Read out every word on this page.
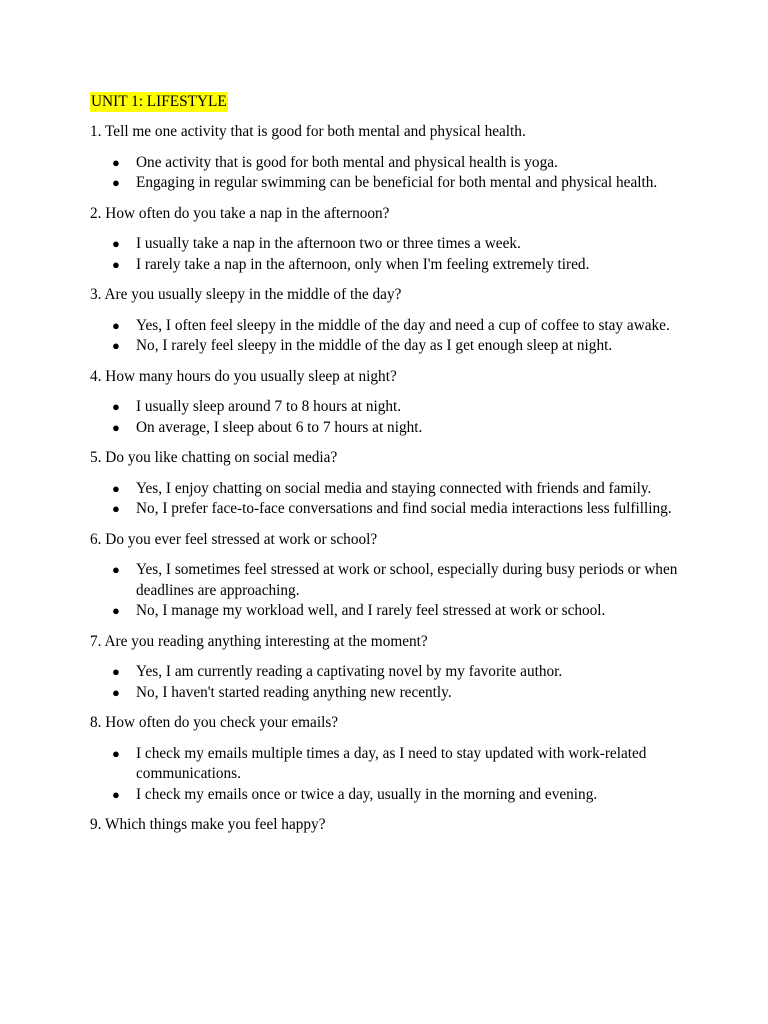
UNIT 1: LIFESTYLE
1. Tell me one activity that is good for both mental and physical health.
● One activity that is good for both mental and physical health is yoga.
● Engaging in regular swimming can be beneficial for both mental and physical health.
2. How often do you take a nap in the afternoon?
● I usually take a nap in the afternoon two or three times a week.
● I rarely take a nap in the afternoon, only when I'm feeling extremely tired.
3. Are you usually sleepy in the middle of the day?
● Yes, I often feel sleepy in the middle of the day and need a cup of coffee to stay awake.
● No, I rarely feel sleepy in the middle of the day as I get enough sleep at night.
4. How many hours do you usually sleep at night?
● I usually sleep around 7 to 8 hours at night.
● On average, I sleep about 6 to 7 hours at night.
5. Do you like chatting on social media?
● Yes, I enjoy chatting on social media and staying connected with friends and family.
● No, I prefer face-to-face conversations and find social media interactions less fulfilling.
6. Do you ever feel stressed at work or school?
● Yes, I sometimes feel stressed at work or school, especially during busy periods or when deadlines are approaching.
● No, I manage my workload well, and I rarely feel stressed at work or school.
7. Are you reading anything interesting at the moment?
● Yes, I am currently reading a captivating novel by my favorite author.
● No, I haven't started reading anything new recently.
8. How often do you check your emails?
● I check my emails multiple times a day, as I need to stay updated with work-related communications.
● I check my emails once or twice a day, usually in the morning and evening.
9. Which things make you feel happy?
